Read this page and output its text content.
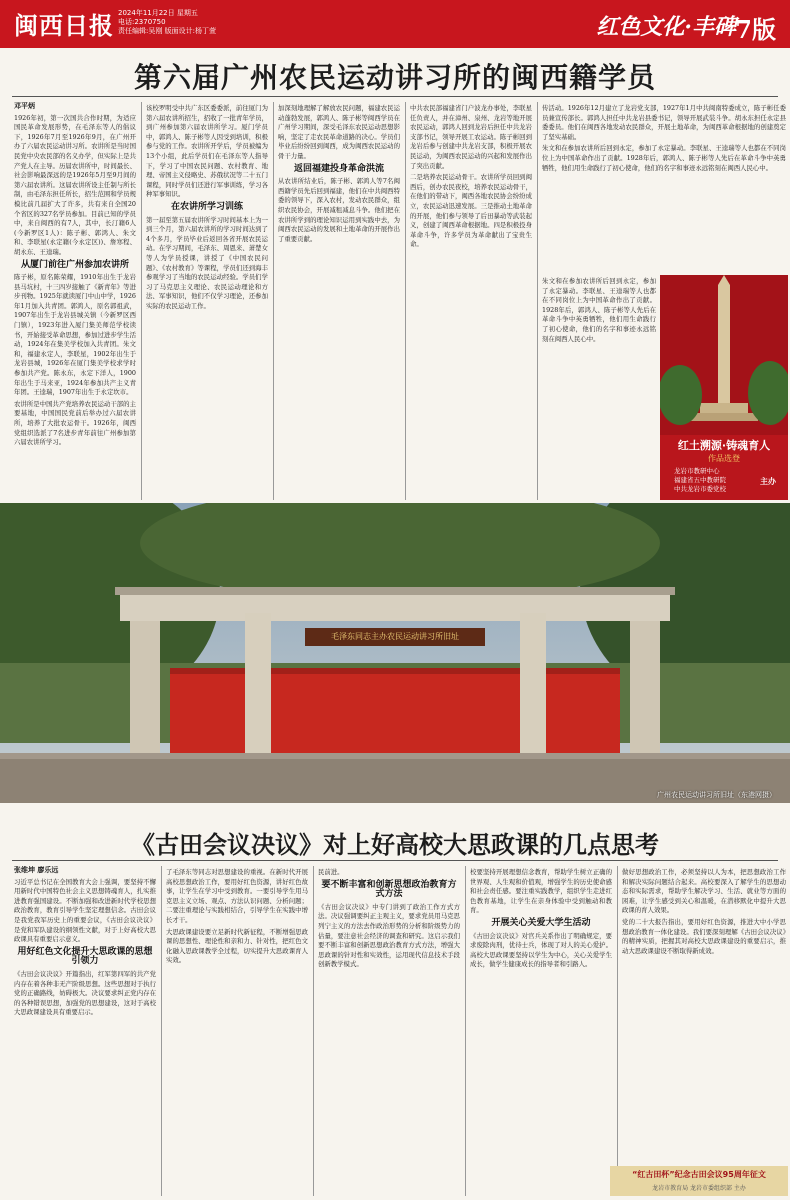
闽西日报 2024年11月22日 星期五
电话:2370750
责任编辑:吴刚 版面设计:杨丁萱	红色文化·丰碑 7版
第六届广州农民运动讲习所的闽西籍学员
邓平炳

1926年初，第一次国共合作时期，为适应国民革命发展形势，在毛泽东等人的倡议下，1926年7月至1926年9月，在广州开办了六届农民运动讲习所。农讲所是当时国民党中央农民部的名义办学，但实际上是共产党人在主导。历届农讲所中，时间最长、社会影响最深远的是1926年5月至9月间的第六届农讲所。这届农讲所设主任制与所长制，由毛泽东担任所长，招生范围和学员规模比前几届扩大了许多，共有来自全国20个省区的327名学员参加。目前已知的学员中，来自闽西的有7人，其中，长汀籍6人(今新罗区1人)：陈子彬、郭鸿人、朱文和、李联星(永定籍(今永定区))、詹寒程、胡永东、王逵瑞。

从厦门前往广州参加农讲所

陈子彬，原名陈荣耀，1910年出生于龙岩县马坑村，十三四岁接触了《新青年》等进步刊物。1925年就读厦门中山中学，1926年1月加入共青团。郭鸿人，原名郭祖武，1907年出生于龙岩县城关镇（今新罗区西门镇），1923年进入厦门集美师范学校读书，开始接受革命思想，参加过进步学生活动，1924年在集美学校加入共青团。朱文和，福建永定人，李联星，1902年出生于龙岩县城，1926年在厦门集美学校求学时参加共产党。陈永东，永定下洋人，1900年出生于马来亚，1924年参加共产主义青年团。王逵瑞，1907年出生于永定坎市。

农讲所是中国共产党培养农民运动干部的主要基地，中国国民党前后举办过六届农讲所，培养了大批农运骨干。1926年，闽西党组织选派了7名进步青年前往广州参加第六届农讲所学习。

该校罗明受中共广东区委委派，前往厦门为第六届农讲所招生，招收了一批青年学员，到广州参加第六届农讲所学习。厦门学员中，郭鸿人、陈子彬等人因受到培训，积极参与党的工作。农讲所开学后，学员被编为13个小组，此后学员们在毛泽东等人指导下，学习了中国农民问题、农村教育、地理、帝国主义侵略史、苏俄状况等二十五门课程，同时学员们还进行军事训练，学习各种军事知识。

在农讲所学习训练

第一届至第五届农讲所学习时间基本上为一到三个月，第六届农讲所的学习时间达到了4个多月，学员毕业后返回各省开展农民运动。在学习期间，毛泽东、周恩来、萧楚女等人为学员授课，讲授了《中国农民问题》、《农村教育》等课程，学员们还到海丰参观学习了当地的农民运动经验。学员们学习了马克思主义理论、农民运动理论和方法、军事知识，他们不仅学习理论，还参加实际的农民运动工作。

加深刻地理解了解放农民问题，福建农民运动蓬勃发展，郭鸿人、陈子彬等闽西学员在广州学习期间，深受毛泽东农民运动思想影响，坚定了走农民革命道路的决心。学员们毕业后纷纷回到闽西，成为闽西农民运动的骨干力量。

返回福建投身革命洪流

从农讲所结业后，陈子彬、郭鸿人等7名闽西籍学员先后回到福建，他们在中共闽西特委的领导下，深入农村，发动农民群众，组织农民协会，开展减租减息斗争。他们把在农讲所学到的理论知识运用到实践中去，为闽西农民运动的发展和土地革命的开展作出了重要贡献。

中共农民部福建省门户波龙办事处，李联星任负责人，并在漳州、泉州、龙岩等地开展农民运动，郭鸿人回到龙岩后担任中共龙岩支部书记，领导开展工农运动。陈子彬回到龙岩后参与创建中共龙岩支部，积极开展农民运动，为闽西农民运动的兴起和发展作出了突出贡献。

二是培养农民运动骨干。农讲所学员回到闽西后，创办农民夜校，培养农民运动骨干，在他们的带动下，闽西各地农民协会纷纷成立，农民运动迅速发展。三是推动土地革命的开展，他们参与领导了后田暴动等武装起义，创建了闽西革命根据地。四是积极投身革命斗争，许多学员为革命献出了宝贵生命。

传活动。1926年12月建立了龙岩党支部，1927年1月中共闽南特委成立，陈子彬任委员兼宣传部长。郭鸿人担任中共龙岩县委书记，领导开展武装斗争。胡永东担任永定县委委员。他们在闽西各地发动农民群众，开展土地革命，为闽西革命根据地的创建奠定了坚实基础。

朱文和在参加农讲所后回到永定，参加了永定暴动。李联星、王逵瑞等人也都在不同岗位上为中国革命作出了贡献。1928年后，郭鸿人、陈子彬等人先后在革命斗争中英勇牺牲，他们用生命践行了初心使命，他们的名字和事迹永远铭刻在闽西人民心中。

朱文和在参加农讲所后回到永定，参加了永定暴动。李联星、王逵瑞等人也都在不同岗位上为中国革命作出了贡献。1928年后，郭鸿人、陈子彬等人先后在革命斗争中英勇牺牲，他们用生命践行了初心使命，他们的名字和事迹永远铭刻在闽西人民心中。

红土溯源·铸魂育人
作品选登
龙岩市教研中心
福建省五中教研院
中共龙岩市委党校
主办
毛泽东同志主办农民运动讲习所旧址
广州农民运动讲习所旧址（东港网摄）
《古田会议决议》对上好高校大思政课的几点思考
张维坤 廖乐远

习近平总书记在全国教育大会上强调，要坚持不懈用新时代中国特色社会主义思想铸魂育人，扎实推进教育强国建设。不断加强和改进新时代学校思想政治教育，教育引导学生坚定理想信念。古田会议是我党我军历史上的重要会议，《古田会议决议》是党和军队建设的纲领性文献，对于上好高校大思政课具有重要启示意义。

用好红色文化提升大思政课的思想引领力

《古田会议决议》开篇指出，红军第四军的共产党内存在着各种非无产阶级思想。这些思想对于执行党的正确路线，妨碍极大。决议要求纠正党内存在的各种错误思想，加强党的思想建设，这对于高校大思政课建设具有重要启示。

了毛泽东等同志对思想建设的重视。在新时代开展高校思想政治工作，要用好红色资源，讲好红色故事，让学生在学习中受到教育。一要引导学生用马克思主义立场、观点、方法认识问题、分析问题；二要注重理论与实践相结合，引导学生在实践中增长才干。

大思政课建设要立足新时代新征程，不断增强思政课的思想性、理论性和亲和力、针对性，把红色文化融入思政课教学全过程，切实提升大思政课育人实效。

民前进。

要不断丰富和创新思想政治教育方式方法

《古田会议决议》中专门讲到了政治工作方式方法。决议强调要纠正主观主义，要求党员用马克思列宁主义的方法去作政治形势的分析和阶级势力的估量，要注意社会经济的调查和研究。这启示我们要不断丰富和创新思想政治教育方式方法，增强大思政课的针对性和实效性，运用现代信息技术手段创新教学模式。

校要坚持开展理想信念教育，帮助学生树立正确的世界观、人生观和价值观，增强学生的历史使命感和社会责任感。要注重实践教学，组织学生走进红色教育基地，让学生在亲身体验中受到触动和教育。

开展关心关爱大学生活动

《古田会议决议》对官兵关系作出了明确规定，要求废除肉刑，优待士兵，体现了对人的关心爱护。高校大思政课要坚持以学生为中心，关心关爱学生成长，做学生健康成长的指导者和引路人。

做好思想政治工作，必须坚持以人为本，把思想政治工作和解决实际问题结合起来。高校要深入了解学生的思想动态和实际需求，帮助学生解决学习、生活、就业等方面的困难，让学生感受到关心和温暖，在潜移默化中提升大思政课的育人效果。

党的二十大报告指出，要用好红色资源，推进大中小学思想政治教育一体化建设。我们要深刻理解《古田会议决议》的精神实质，把握其对高校大思政课建设的重要启示，推动大思政课建设不断取得新成效。

“红古田杯”纪念古田会议95周年征文
龙岩市教育局 龙岩市委组织部 主办
